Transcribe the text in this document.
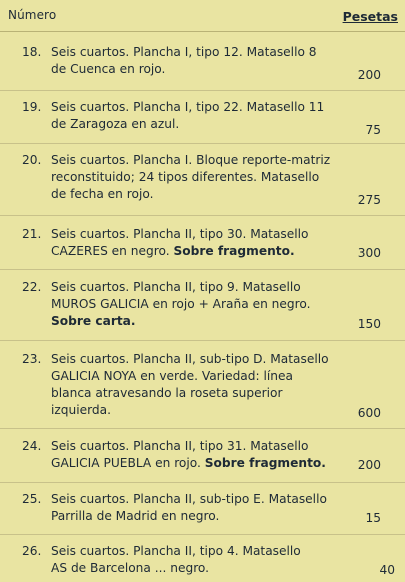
Número	Pesetas
18. Seis cuartos. Plancha I, tipo 12. Matasello 8
de Cuenca en rojo.	200
19. Seis cuartos. Plancha I, tipo 22. Matasello 11
de Zaragoza en azul.	75
20. Seis cuartos. Plancha I. Bloque reporte-matriz
reconstituido; 24 tipos diferentes. Matasello
de fecha en rojo.	275
21. Seis cuartos. Plancha II, tipo 30. Matasello
CAZERES en negro. Sobre fragmento.	300
22. Seis cuartos. Plancha II, tipo 9. Matasello
MUROS GALICIA en rojo + Araña en negro.
Sobre carta.	150
23. Seis cuartos. Plancha II, sub-tipo D. Matasello
GALICIA NOYA en verde. Variedad: línea
blanca atravesando la roseta superior
izquierda.	600
24. Seis cuartos. Plancha II, tipo 31. Matasello
GALICIA PUEBLA en rojo. Sobre fragmento.	200
25. Seis cuartos. Plancha II, sub-tipo E. Matasello
Parrilla de Madrid en negro.	15
26. Seis cuartos. Plancha II, tipo 4. Matasello
AS de Barcelona ... negro.	40
